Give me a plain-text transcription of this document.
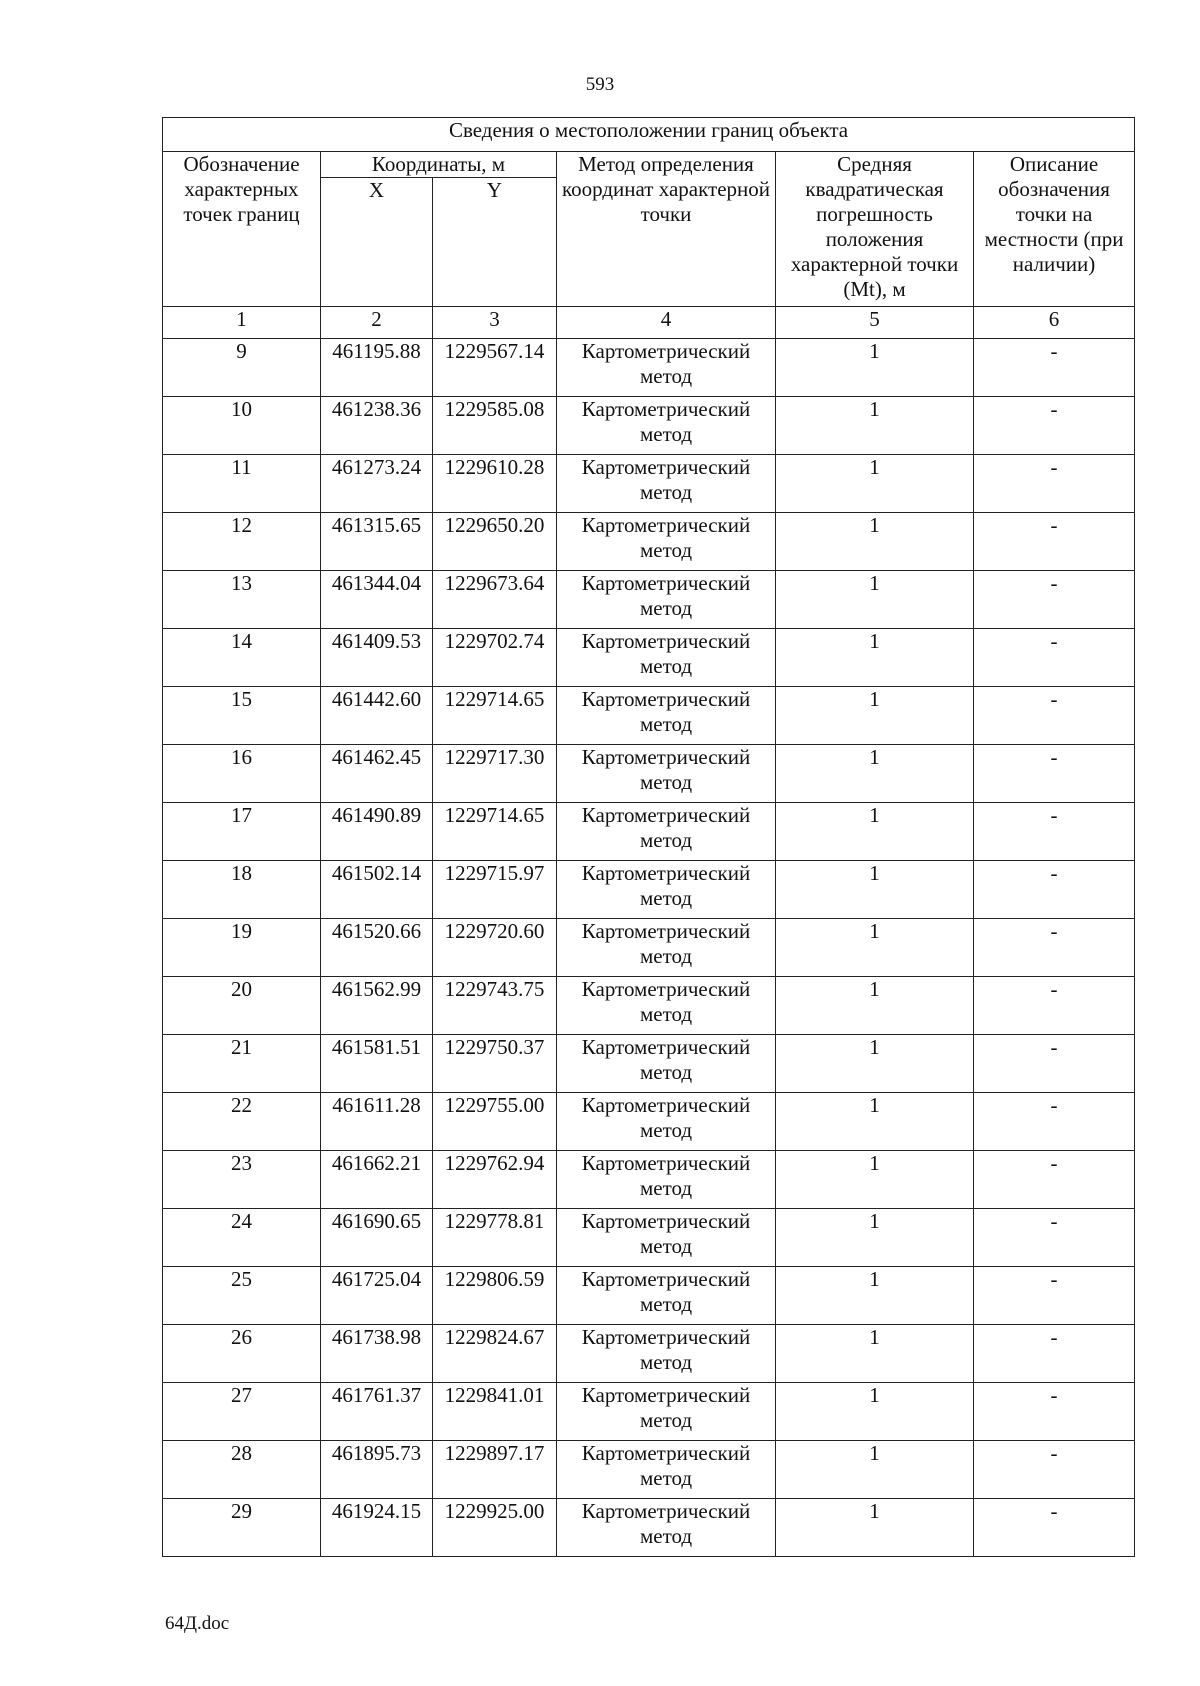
593
Сведения о местоположении границ объекта					
Обозначение характерных точек границ	Координаты, м		Метод определения координат характерной точки	Средняя квадратическая погрешность положения характерной точки (Mt), м	Описание обозначения точки на местности (при наличии)
	X	Y			
1	2	3	4	5	6
9	461195.88	1229567.14	Картометрический метод	1	-
10	461238.36	1229585.08	Картометрический метод	1	-
11	461273.24	1229610.28	Картометрический метод	1	-
12	461315.65	1229650.20	Картометрический метод	1	-
13	461344.04	1229673.64	Картометрический метод	1	-
14	461409.53	1229702.74	Картометрический метод	1	-
15	461442.60	1229714.65	Картометрический метод	1	-
16	461462.45	1229717.30	Картометрический метод	1	-
17	461490.89	1229714.65	Картометрический метод	1	-
18	461502.14	1229715.97	Картометрический метод	1	-
19	461520.66	1229720.60	Картометрический метод	1	-
20	461562.99	1229743.75	Картометрический метод	1	-
21	461581.51	1229750.37	Картометрический метод	1	-
22	461611.28	1229755.00	Картометрический метод	1	-
23	461662.21	1229762.94	Картометрический метод	1	-
24	461690.65	1229778.81	Картометрический метод	1	-
25	461725.04	1229806.59	Картометрический метод	1	-
26	461738.98	1229824.67	Картометрический метод	1	-
27	461761.37	1229841.01	Картометрический метод	1	-
28	461895.73	1229897.17	Картометрический метод	1	-
29	461924.15	1229925.00	Картометрический метод	1	-
64Д.doc
